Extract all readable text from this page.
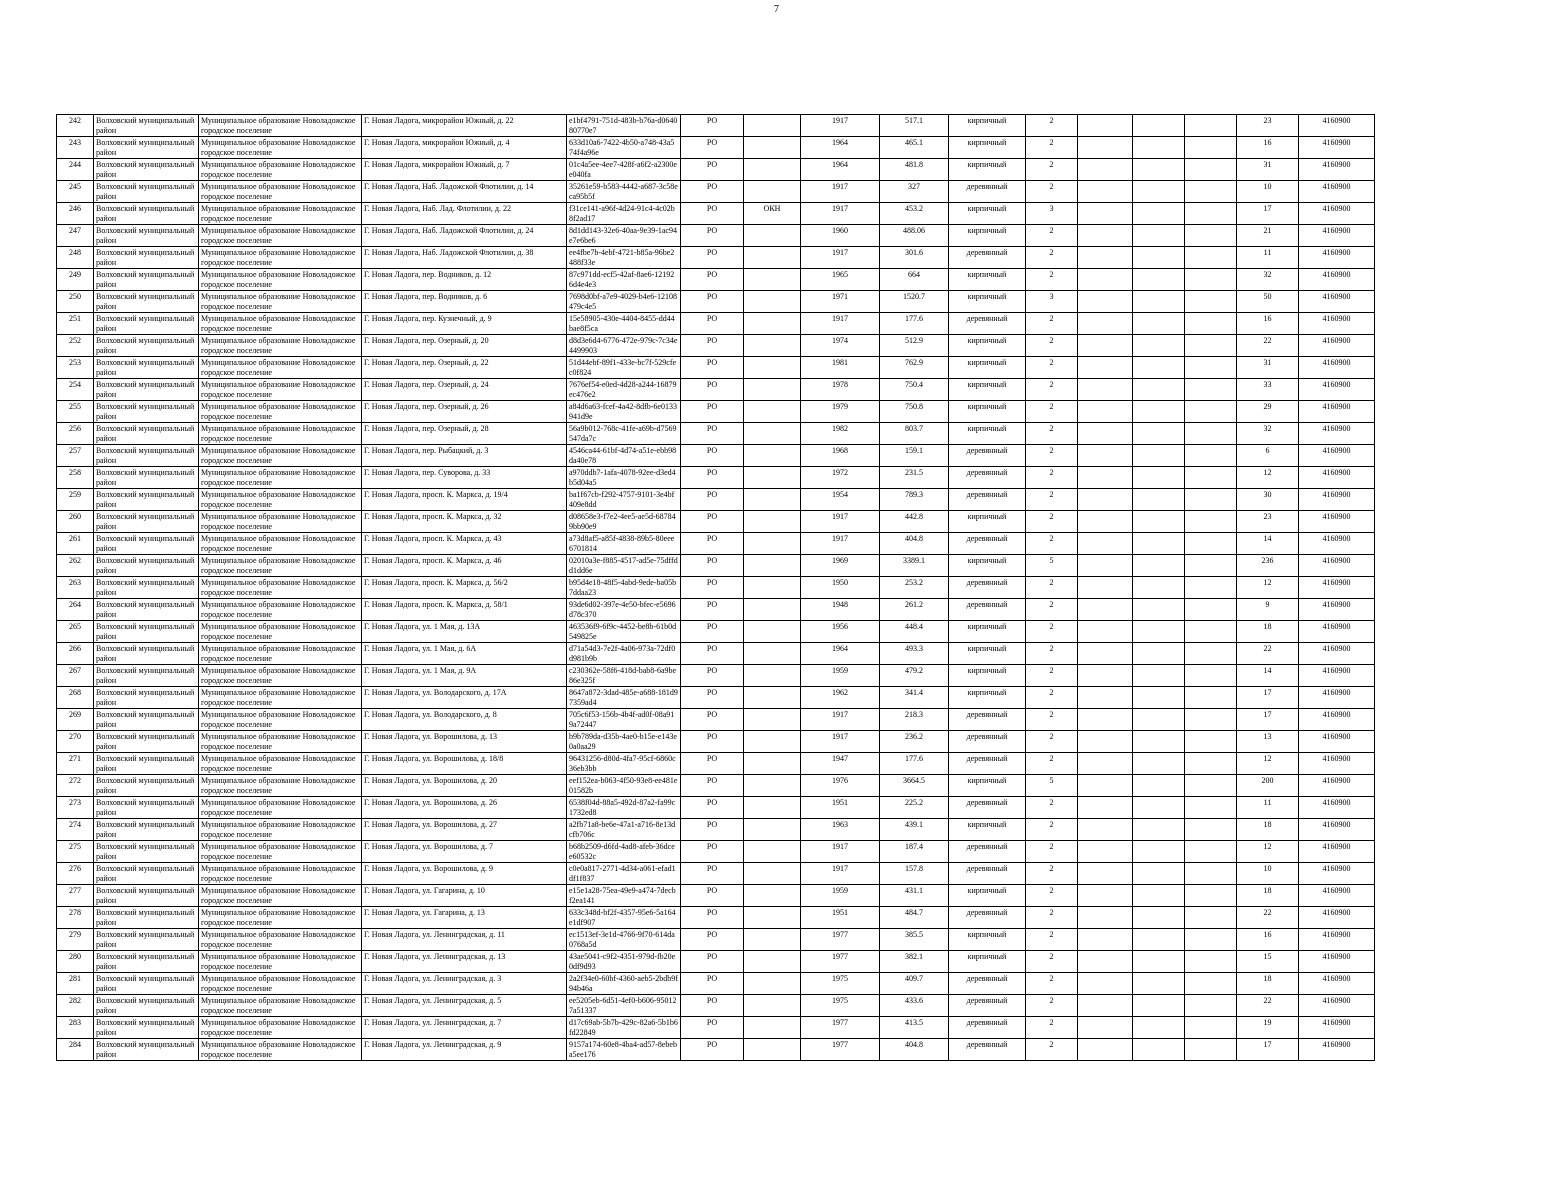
7
242	Волховский муниципальный район	Муниципальное образование Новоладожское городское поселение	Г. Новая Ладога, микрорайон Южный, д. 22	e1bf4791-751d-483b-b76a-d064080770e7	РО		1917	517.1	кирпичный	2				23	4160900
243	Волховский муниципальный район	Муниципальное образование Новоладожское городское поселение	Г. Новая Ладога, микрорайон Южный, д. 4	633d10a6-7422-4b50-a748-43a574f4a96e	РО		1964	465.1	кирпичный	2				16	4160900
244	Волховский муниципальный район	Муниципальное образование Новоладожское городское поселение	Г. Новая Ладога, микрорайон Южный, д. 7	01c4a5ee-4ee7-428f-a6f2-a2300ee040fa	РО		1964	481.8	кирпичный	2				31	4160900
245	Волховский муниципальный район	Муниципальное образование Новоладожское городское поселение	Г. Новая Ладога, Наб. Ладожской Флотилии, д. 14	35261e59-b583-4442-a687-3c58eca95b5f	РО		1917	327	деревянный	2				10	4160900
246	Волховский муниципальный район	Муниципальное образование Новоладожское городское поселение	Г. Новая Ладога, Наб. Лад. Флотилии, д. 22	f31ce141-a96f-4d24-91c4-4c02b8f2ad17	РО	ОКН	1917	453.2	кирпичный	3				17	4160900
247	Волховский муниципальный район	Муниципальное образование Новоладожское городское поселение	Г. Новая Ладога, Наб. Ладожской Флотилии, д. 24	8d1dd143-32e6-40aa-9e39-1ac94e7e6be6	РО		1960	488.06	кирпичный	2				21	4160900
248	Волховский муниципальный район	Муниципальное образование Новоладожское городское поселение	Г. Новая Ладога, Наб. Ладожской Флотилии, д. 38	ee4fbe7b-4ebf-4721-b85a-96be2488f33e	РО		1917	301.6	деревянный	2				11	4160900
249	Волховский муниципальный район	Муниципальное образование Новоладожское городское поселение	Г. Новая Ладога, пер. Водников, д. 12	87c971dd-ecf5-42af-8ae6-121926d4e4e3	РО		1965	664	кирпичный	2				32	4160900
250	Волховский муниципальный район	Муниципальное образование Новоладожское городское поселение	Г. Новая Ладога, пер. Водников, д. 6	7698d0bf-a7e9-4029-b4e6-12108479c4e5	РО		1971	1520.7	кирпичный	3				50	4160900
251	Волховский муниципальный район	Муниципальное образование Новоладожское городское поселение	Г. Новая Ладога, пер. Кузнечный, д. 9	15e58905-430e-4404-8455-dd44bae8f5ca	РО		1917	177.6	деревянный	2				16	4160900
252	Волховский муниципальный район	Муниципальное образование Новоладожское городское поселение	Г. Новая Ладога, пер. Озерный, д. 20	d8d3e6d4-6776-472e-979c-7c34e4499903	РО		1974	512.9	кирпичный	2				22	4160900
253	Волховский муниципальный район	Муниципальное образование Новоладожское городское поселение	Г. Новая Ладога, пер. Озерный, д. 22	51d44ebf-89f1-433e-bc7f-529cfec0f824	РО		1981	762.9	кирпичный	2				31	4160900
254	Волховский муниципальный район	Муниципальное образование Новоладожское городское поселение	Г. Новая Ладога, пер. Озерный, д. 24	7676ef54-e0ed-4d28-a244-16879ec476e2	РО		1978	750.4	кирпичный	2				33	4160900
255	Волховский муниципальный район	Муниципальное образование Новоладожское городское поселение	Г. Новая Ладога, пер. Озерный, д. 26	a84d6a63-fcef-4a42-8dfb-6e0133941d9e	РО		1979	750.8	кирпичный	2				29	4160900
256	Волховский муниципальный район	Муниципальное образование Новоладожское городское поселение	Г. Новая Ладога, пер. Озерный, д. 28	56a9b012-768c-41fe-a69b-d7569547da7c	РО		1982	803.7	кирпичный	2				32	4160900
257	Волховский муниципальный район	Муниципальное образование Новоладожское городское поселение	Г. Новая Ладога, пер. Рыбацкий, д. 3	4546ca44-61bf-4d74-a51e-ebb98da40e78	РО		1968	159.1	деревянный	2				6	4160900
258	Волховский муниципальный район	Муниципальное образование Новоладожское городское поселение	Г. Новая Ладога, пер. Суворова, д. 33	a970ddb7-1afa-4078-92ee-d3ed4b5d04a5	РО		1972	231.5	деревянный	2				12	4160900
259	Волховский муниципальный район	Муниципальное образование Новоладожское городское поселение	Г. Новая Ладога, просп. К. Маркса, д. 19/4	ba1f67cb-f292-4757-9101-3e4bf409e8dd	РО		1954	789.3	деревянный	2				30	4160900
260	Волховский муниципальный район	Муниципальное образование Новоладожское городское поселение	Г. Новая Ладога, просп. К. Маркса, д. 32	d08658e3-f7e2-4ee5-ae5d-687849bb90e9	РО		1917	442.8	кирпичный	2				23	4160900
261	Волховский муниципальный район	Муниципальное образование Новоладожское городское поселение	Г. Новая Ладога, просп. К. Маркса, д. 43	a73d8af5-a85f-4838-89b5-80eee6701814	РО		1917	404.8	деревянный	2				14	4160900
262	Волховский муниципальный район	Муниципальное образование Новоладожское городское поселение	Г. Новая Ладога, просп. К. Маркса, д. 46	02010a3e-f885-4517-ad5e-75dffdd1dd6e	РО		1969	3389.1	кирпичный	5				236	4160900
263	Волховский муниципальный район	Муниципальное образование Новоладожское городское поселение	Г. Новая Ладога, просп. К. Маркса, д. 56/2	b95d4e18-48f5-4abd-9ede-ba05b7ddaa23	РО		1950	253.2	деревянный	2				12	4160900
264	Волховский муниципальный район	Муниципальное образование Новоладожское городское поселение	Г. Новая Ладога, просп. К. Маркса, д. 58/1	93de6d02-397e-4e50-bfec-e5696d78c370	РО		1948	261.2	деревянный	2				9	4160900
265	Волховский муниципальный район	Муниципальное образование Новоладожское городское поселение	Г. Новая Ладога, ул. 1 Мая, д. 13А	463536f9-6f9c-4452-be8b-61b0d549825e	РО		1956	448.4	кирпичный	2				18	4160900
266	Волховский муниципальный район	Муниципальное образование Новоладожское городское поселение	Г. Новая Ладога, ул. 1 Мая, д. 6А	d71a54d3-7e2f-4a06-973a-72df0d981b9b	РО		1964	493.3	кирпичный	2				22	4160900
267	Волховский муниципальный район	Муниципальное образование Новоладожское городское поселение	Г. Новая Ладога, ул. 1 Мая, д. 9А	c230362e-58f6-418d-bab8-6a9be86e325f	РО		1959	479.2	кирпичный	2				14	4160900
268	Волховский муниципальный район	Муниципальное образование Новоладожское городское поселение	Г. Новая Ладога, ул. Володарского, д. 17А	8647a872-3dad-485e-a688-181d97359ad4	РО		1962	341.4	кирпичный	2				17	4160900
269	Волховский муниципальный район	Муниципальное образование Новоладожское городское поселение	Г. Новая Ладога, ул. Володарского, д. 8	705c6f53-156b-4b4f-ad0f-08a919a72447	РО		1917	218.3	деревянный	2				17	4160900
270	Волховский муниципальный район	Муниципальное образование Новоладожское городское поселение	Г. Новая Ладога, ул. Ворошилова, д. 13	b9b789da-d35b-4ae0-b15e-e143e0a0aa29	РО		1917	236.2	деревянный	2				13	4160900
271	Волховский муниципальный район	Муниципальное образование Новоладожское городское поселение	Г. Новая Ладога, ул. Ворошилова, д. 18/8	96431256-d80d-4fa7-95cf-6860c36eb3bb	РО		1947	177.6	деревянный	2				12	4160900
272	Волховский муниципальный район	Муниципальное образование Новоладожское городское поселение	Г. Новая Ладога, ул. Ворошилова, д. 20	eef152ea-b063-4f50-93e8-ee481e01582b	РО		1976	3664.5	кирпичный	5				200	4160900
273	Волховский муниципальный район	Муниципальное образование Новоладожское городское поселение	Г. Новая Ладога, ул. Ворошилова, д. 26	6538f04d-88a5-492d-87a2-fa99c1732ed8	РО		1951	225.2	деревянный	2				11	4160900
274	Волховский муниципальный район	Муниципальное образование Новоладожское городское поселение	Г. Новая Ладога, ул. Ворошилова, д. 27	a2fb71a8-be6e-47a1-a716-8e13dcfb706c	РО		1963	439.1	кирпичный	2				18	4160900
275	Волховский муниципальный район	Муниципальное образование Новоладожское городское поселение	Г. Новая Ладога, ул. Ворошилова, д. 7	b68b2509-d6fd-4ad8-afeb-36dcee60532c	РО		1917	187.4	деревянный	2				12	4160900
276	Волховский муниципальный район	Муниципальное образование Новоладожское городское поселение	Г. Новая Ладога, ул. Ворошилова, д. 9	c0e0a817-2771-4d34-a061-efad1df1f837	РО		1917	157.8	деревянный	2				10	4160900
277	Волховский муниципальный район	Муниципальное образование Новоладожское городское поселение	Г. Новая Ладога, ул. Гагарина, д. 10	e15e1a28-75ea-49e9-a474-7decbf2ea141	РО		1959	431.1	кирпичный	2				18	4160900
278	Волховский муниципальный район	Муниципальное образование Новоладожское городское поселение	Г. Новая Ладога, ул. Гагарина, д. 13	633c348d-bf2f-4357-95e6-5a164e1df907	РО		1951	484.7	деревянный	2				22	4160900
279	Волховский муниципальный район	Муниципальное образование Новоладожское городское поселение	Г. Новая Ладога, ул. Ленинградская, д. 11	ec1513ef-3e1d-4766-9f70-614da0768a5d	РО		1977	385.5	кирпичный	2				16	4160900
280	Волховский муниципальный район	Муниципальное образование Новоладожское городское поселение	Г. Новая Ладога, ул. Ленинградская, д. 13	43ae5041-c9f2-4351-979d-fb20e0df9d93	РО		1977	382.1	кирпичный	2				15	4160900
281	Волховский муниципальный район	Муниципальное образование Новоладожское городское поселение	Г. Новая Ладога, ул. Ленинградская, д. 3	2a2f34e0-60bf-4360-aeb5-2bdb9f94b46a	РО		1975	409.7	деревянный	2				18	4160900
282	Волховский муниципальный район	Муниципальное образование Новоладожское городское поселение	Г. Новая Ладога, ул. Ленинградская, д. 5	ee5205eb-6d51-4ef0-b606-950127a51337	РО		1975	433.6	деревянный	2				22	4160900
283	Волховский муниципальный район	Муниципальное образование Новоладожское городское поселение	Г. Новая Ладога, ул. Ленинградская, д. 7	d17c69ab-5b7b-429c-82a6-5b1b6fd22849	РО		1977	413.5	деревянный	2				19	4160900
284	Волховский муниципальный район	Муниципальное образование Новоладожское городское поселение	Г. Новая Ладога, ул. Ленинградская, д. 9	9157a174-60e8-4ba4-ad57-8ebeba5ee176	РО		1977	404.8	деревянный	2				17	4160900
